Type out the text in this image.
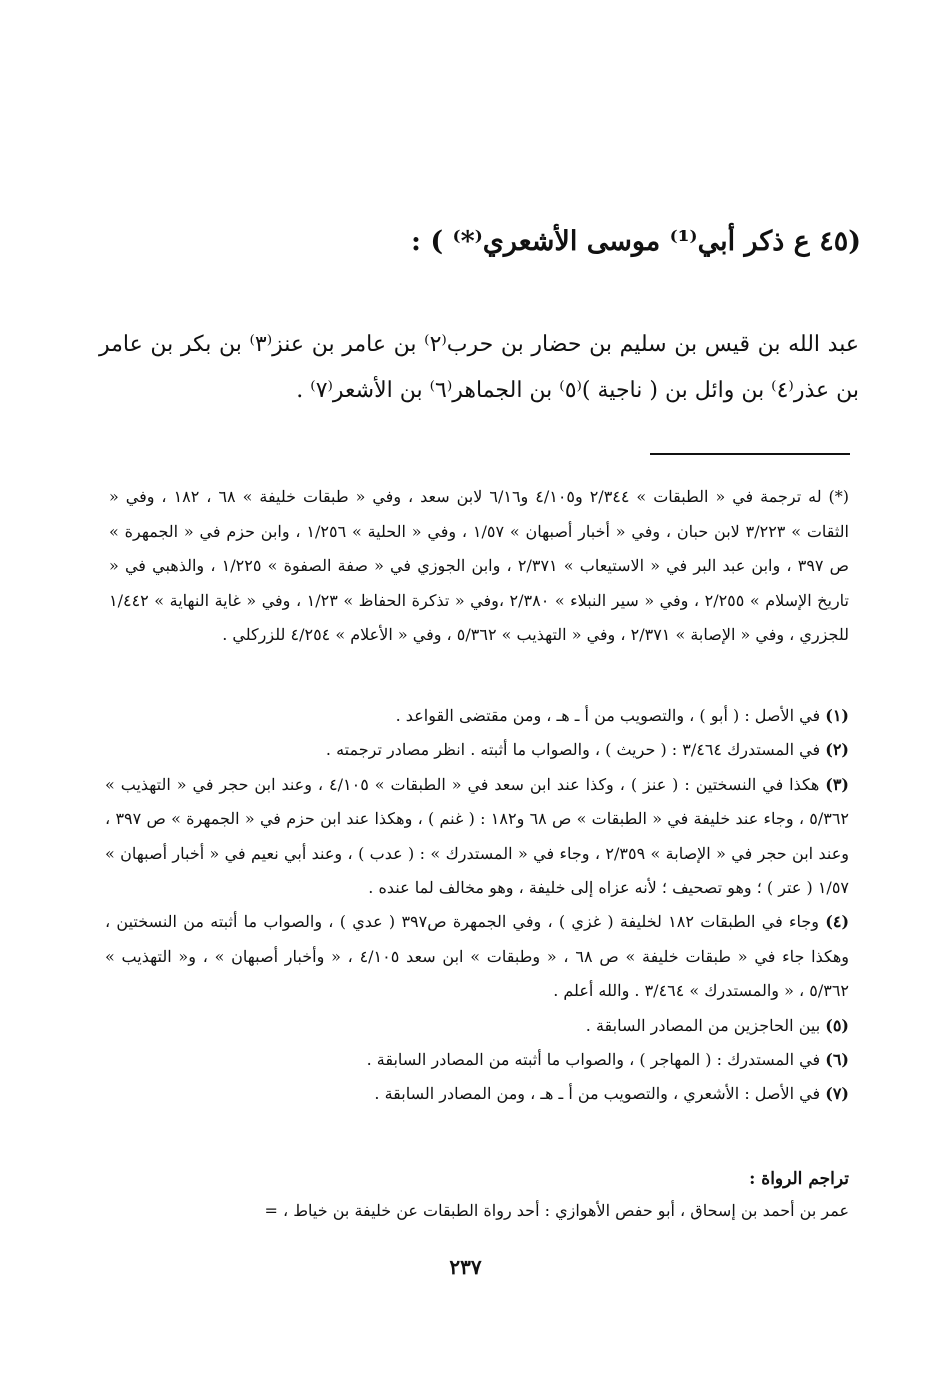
(٤٥ ع ذكر أبي⁽¹⁾ موسى الأشعري⁽*⁾ ) :
عبد الله بن قيس بن سليم بن حضار بن حرب⁽٢⁾ بن عامر بن عنز⁽٣⁾ بن بكر بن عامر بن عذر⁽٤⁾ بن وائل بن ( ناجية )⁽٥⁾ بن الجماهر⁽٦⁾ بن الأشعر⁽٧⁾ .
(*) له ترجمة في « الطبقات » ٢/٣٤٤ و٤/١٠٥ و٦/١٦ لابن سعد ، وفي « طبقات خليفة » ٦٨ ، ١٨٢ ، وفي « الثقات » ٣/٢٢٣ لابن حبان ، وفي « أخبار أصبهان » ١/٥٧ ، وفي « الحلية » ١/٢٥٦ ، وابن حزم في « الجمهرة » ص ٣٩٧ ، وابن عبد البر في « الاستيعاب » ٢/٣٧١ ، وابن الجوزي في « صفة الصفوة » ١/٢٢٥ ، والذهبي في « تاريخ الإسلام » ٢/٢٥٥ ، وفي « سير النبلاء » ٢/٣٨٠ ،وفي « تذكرة الحفاظ » ١/٢٣ ، وفي « غاية النهاية » ١/٤٤٢ للجزري ، وفي « الإصابة » ٢/٣٧١ ، وفي « التهذيب » ٥/٣٦٢ ، وفي « الأعلام » ٤/٢٥٤ للزركلي .
(١) في الأصل : ( أبو ) ، والتصويب من أ ـ هـ ، ومن مقتضى القواعد .
(٢) في المستدرك ٣/٤٦٤ : ( حريث ) ، والصواب ما أثبته . انظر مصادر ترجمته .
(٣) هكذا في النسختين : ( عنز ) ، وكذا عند ابن سعد في « الطبقات » ٤/١٠٥ ، وعند ابن حجر في « التهذيب » ٥/٣٦٢ ، وجاء عند خليفة في « الطبقات » ص ٦٨ و١٨٢ : ( غنم ) ، وهكذا عند ابن حزم في « الجمهرة » ص ٣٩٧ ، وعند ابن حجر في « الإصابة » ٢/٣٥٩ ، وجاء في « المستدرك » : ( عدب ) ، وعند أبي نعيم في « أخبار أصبهان » ١/٥٧ ( عتر ) ؛ وهو تصحيف ؛ لأنه عزاه إلى خليفة ، وهو مخالف لما عنده .
(٤) وجاء في الطبقات ١٨٢ لخليفة ( غزي ) ، وفي الجمهرة ص٣٩٧ ( عدي ) ، والصواب ما أثبته من النسختين ، وهكذا جاء في « طبقات خليفة » ص ٦٨ ، « وطبقات » ابن سعد ٤/١٠٥ ، « وأخبار أصبهان » ، و« التهذيب » ٥/٣٦٢ ، « والمستدرك » ٣/٤٦٤ . والله أعلم .
(٥) بين الحاجزين من المصادر السابقة .
(٦) في المستدرك : ( المهاجر ) ، والصواب ما أثبته من المصادر السابقة .
(٧) في الأصل : الأشعري ، والتصويب من أ ـ هـ ، ومن المصادر السابقة .
تراجم الرواة :
عمر بن أحمد بن إسحاق ، أبو حفص الأهوازي : أحد رواة الطبقات عن خليفة بن خياط ، =
٢٣٧
